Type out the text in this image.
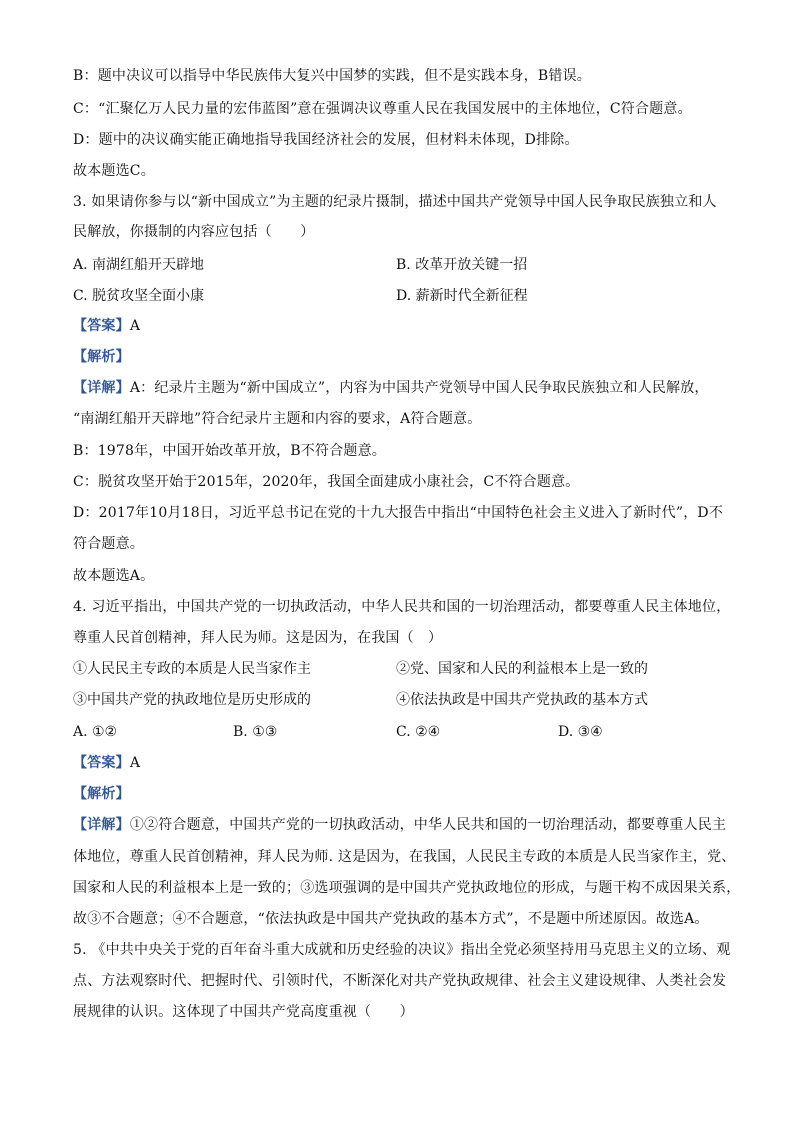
B：题中决议可以指导中华民族伟大复兴中国梦的实践，但不是实践本身，B错误。
C：“汇聚亿万人民力量的宏伟蓝图”意在强调决议尊重人民在我国发展中的主体地位，C符合题意。
D：题中的决议确实能正确地指导我国经济社会的发展，但材料未体现，D排除。
故本题选C。
3. 如果请你参与以“新中国成立”为主题的纪录片摄制，描述中国共产党领导中国人民争取民族独立和人
民解放，你摄制的内容应包括（　　）
A. 南湖红船开天辟地	B. 改革开放关键一招
C. 脱贫攻坚全面小康	D. 薪新时代全新征程
【答案】A
【解析】
【详解】A：纪录片主题为“新中国成立”，内容为中国共产党领导中国人民争取民族独立和人民解放，
“南湖红船开天辟地”符合纪录片主题和内容的要求，A符合题意。
B：1978年，中国开始改革开放，B不符合题意。
C：脱贫攻坚开始于2015年，2020年，我国全面建成小康社会，C不符合题意。
D：2017年10月18日，习近平总书记在党的十九大报告中指出“中国特色社会主义进入了新时代”，D不
符合题意。
故本题选A。
4. 习近平指出，中国共产党的一切执政活动，中华人民共和国的一切治理活动，都要尊重人民主体地位，
尊重人民首创精神，拜人民为师。这是因为，在我国（　）
①人民民主专政的本质是人民当家作主	②党、国家和人民的利益根本上是一致的
③中国共产党的执政地位是历史形成的	④依法执政是中国共产党执政的基本方式
A. ①②	B. ①③	C. ②④	D. ③④
【答案】A
【解析】
【详解】①②符合题意，中国共产党的一切执政活动，中华人民共和国的一切治理活动，都要尊重人民主
体地位，尊重人民首创精神，拜人民为师. 这是因为，在我国，人民民主专政的本质是人民当家作主，党、
国家和人民的利益根本上是一致的；③选项强调的是中国共产党执政地位的形成，与题干构不成因果关系，
故③不合题意；④不合题意，“依法执政是中国共产党执政的基本方式”，不是题中所述原因。故选A。
5. 《中共中央关于党的百年奋斗重大成就和历史经验的决议》指出全党必须坚持用马克思主义的立场、观
点、方法观察时代、把握时代、引领时代，不断深化对共产党执政规律、社会主义建设规律、人类社会发
展规律的认识。这体现了中国共产党高度重视（　　）
